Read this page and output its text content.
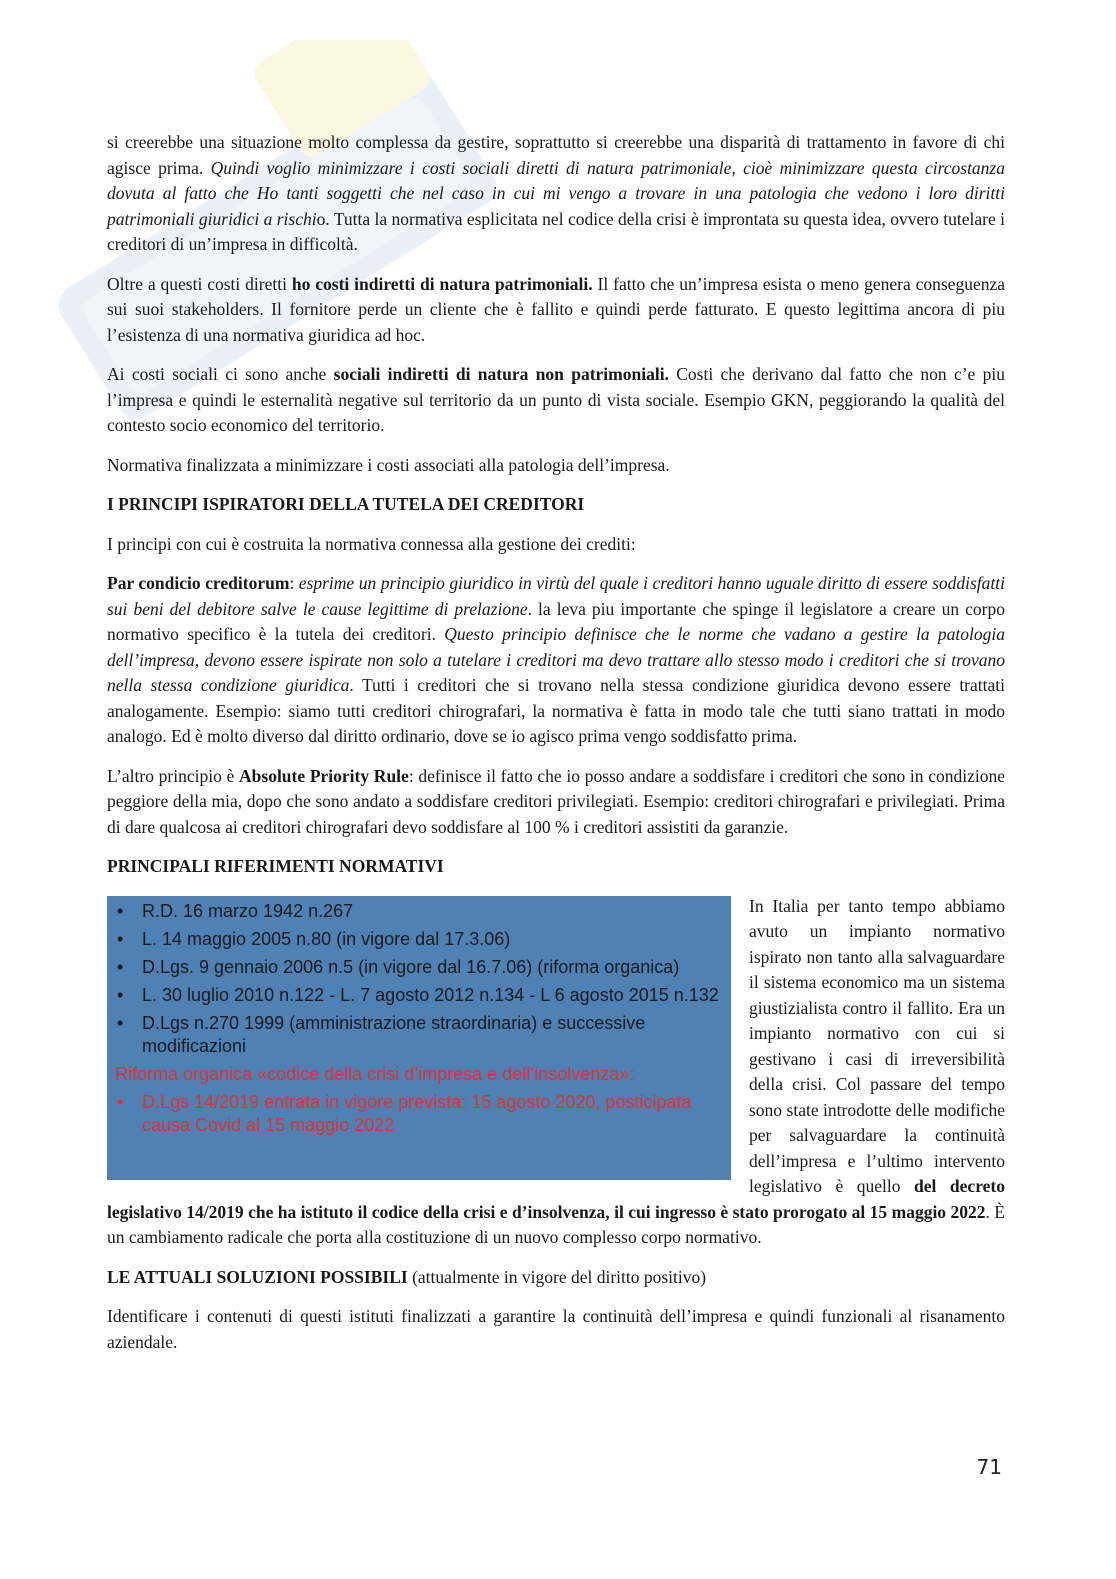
si creerebbe una situazione molto complessa da gestire, soprattutto si creerebbe una disparità di trattamento in favore di chi agisce prima. Quindi voglio minimizzare i costi sociali diretti di natura patrimoniale, cioè minimizzare questa circostanza dovuta al fatto che Ho tanti soggetti che nel caso in cui mi vengo a trovare in una patologia che vedono i loro diritti patrimoniali giuridici a rischio. Tutta la normativa esplicitata nel codice della crisi è improntata su questa idea, ovvero tutelare i creditori di un’impresa in difficoltà.

Oltre a questi costi diretti ho costi indiretti di natura patrimoniali. Il fatto che un’impresa esista o meno genera conseguenza sui suoi stakeholders. Il fornitore perde un cliente che è fallito e quindi perde fatturato. E questo legittima ancora di piu l’esistenza di una normativa giuridica ad hoc.

Ai costi sociali ci sono anche sociali indiretti di natura non patrimoniali. Costi che derivano dal fatto che non c’e piu l’impresa e quindi le esternalità negative sul territorio da un punto di vista sociale. Esempio GKN, peggiorando la qualità del contesto socio economico del territorio.

Normativa finalizzata a minimizzare i costi associati alla patologia dell’impresa.

I PRINCIPI ISPIRATORI DELLA TUTELA DEI CREDITORI

I principi con cui è costruita la normativa connessa alla gestione dei crediti:

Par condicio creditorum: esprime un principio giuridico in virtù del quale i creditori hanno uguale diritto di essere soddisfatti sui beni del debitore salve le cause legittime di prelazione. la leva piu importante che spinge il legislatore a creare un corpo normativo specifico è la tutela dei creditori. Questo principio definisce che le norme che vadano a gestire la patologia dell’impresa, devono essere ispirate non solo a tutelare i creditori ma devo trattare allo stesso modo i creditori che si trovano nella stessa condizione giuridica. Tutti i creditori che si trovano nella stessa condizione giuridica devono essere trattati analogamente. Esempio: siamo tutti creditori chirografari, la normativa è fatta in modo tale che tutti siano trattati in modo analogo. Ed è molto diverso dal diritto ordinario, dove se io agisco prima vengo soddisfatto prima.

L’altro principio è Absolute Priority Rule: definisce il fatto che io posso andare a soddisfare i creditori che sono in condizione peggiore della mia, dopo che sono andato a soddisfare creditori privilegiati. Esempio: creditori chirografari e privilegiati. Prima di dare qualcosa ai creditori chirografari devo soddisfare al 100 % i creditori assistiti da garanzie.

PRINCIPALI RIFERIMENTI NORMATIVI

• R.D. 16 marzo 1942 n.267
• L. 14 maggio 2005 n.80 (in vigore dal 17.3.06)
• D.Lgs. 9 gennaio 2006 n.5 (in vigore dal 16.7.06) (riforma organica)
• L. 30 luglio 2010 n.122 - L. 7 agosto 2012 n.134 - L 6 agosto 2015 n.132
• D.Lgs n.270 1999 (amministrazione straordinaria) e successive modificazioni
Riforma organica «codice della crisi d’impresa e dell’insolvenza»:
• D.Lgs 14/2019 entrata in vigore prevista: 15 agosto 2020, posticipata causa Covid al 15 maggio 2022

In Italia per tanto tempo abbiamo avuto un impianto normativo ispirato non tanto alla salvaguardare il sistema economico ma un sistema giustizialista contro il fallito. Era un impianto normativo con cui si gestivano i casi di irreversibilità della crisi. Col passare del tempo sono state introdotte delle modifiche per salvaguardare la continuità dell’impresa e l’ultimo intervento legislativo è quello del decreto legislativo 14/2019 che ha istituto il codice della crisi e d’insolvenza, il cui ingresso è stato prorogato al 15 maggio 2022. È un cambiamento radicale che porta alla costituzione di un nuovo complesso corpo normativo.

LE ATTUALI SOLUZIONI POSSIBILI (attualmente in vigore del diritto positivo)

Identificare i contenuti di questi istituti finalizzati a garantire la continuità dell’impresa e quindi funzionali al risanamento aziendale.

71
